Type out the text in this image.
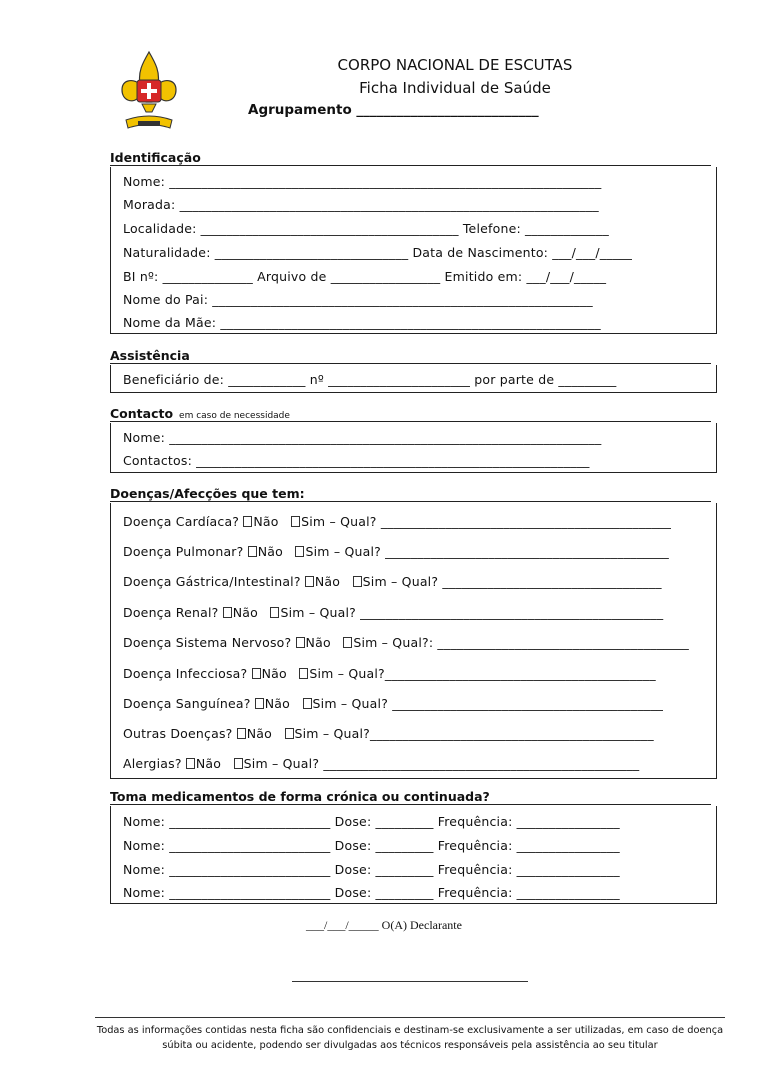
CORPO NACIONAL DE ESCUTAS
Ficha Individual de Saúde
Agrupamento ___________________________
Identificação
Nome: ___________________________________________________________________
Morada: _________________________________________________________________
Localidade: ________________________________________ Telefone: _____________
Naturalidade: ______________________________ Data de Nascimento: ___/___/_____
BI nº: ______________ Arquivo de _________________ Emitido em: ___/___/_____
Nome do Pai: ___________________________________________________________
Nome da Mãe: ___________________________________________________________
Assistência
Beneficiário de: ____________ nº ______________________ por parte de _________
Contacto em caso de necessidade
Nome: ___________________________________________________________________
Contactos: _____________________________________________________________
Doenças/Afecções que tem:
Doença Cardíaca? Não Sim – Qual? _____________________________________________
Doença Pulmonar? Não Sim – Qual? ____________________________________________
Doença Gástrica/Intestinal? Não Sim – Qual? __________________________________
Doença Renal? Não Sim – Qual? _______________________________________________
Doença Sistema Nervoso? Não Sim – Qual?: _______________________________________
Doença Infecciosa? Não Sim – Qual?__________________________________________
Doença Sanguínea? Não Sim – Qual? __________________________________________
Outras Doenças? Não Sim – Qual?____________________________________________
Alergias? Não Sim – Qual? _________________________________________________
Toma medicamentos de forma crónica ou continuada?
Nome: _________________________ Dose: _________ Frequência: ________________
Nome: _________________________ Dose: _________ Frequência: ________________
Nome: _________________________ Dose: _________ Frequência: ________________
Nome: _________________________ Dose: _________ Frequência: ________________
___/___/_____ O(A) Declarante
Todas as informações contidas nesta ficha são confidenciais e destinam-se exclusivamente a ser utilizadas, em caso de doença súbita ou acidente, podendo ser divulgadas aos técnicos responsáveis pela assistência ao seu titular
